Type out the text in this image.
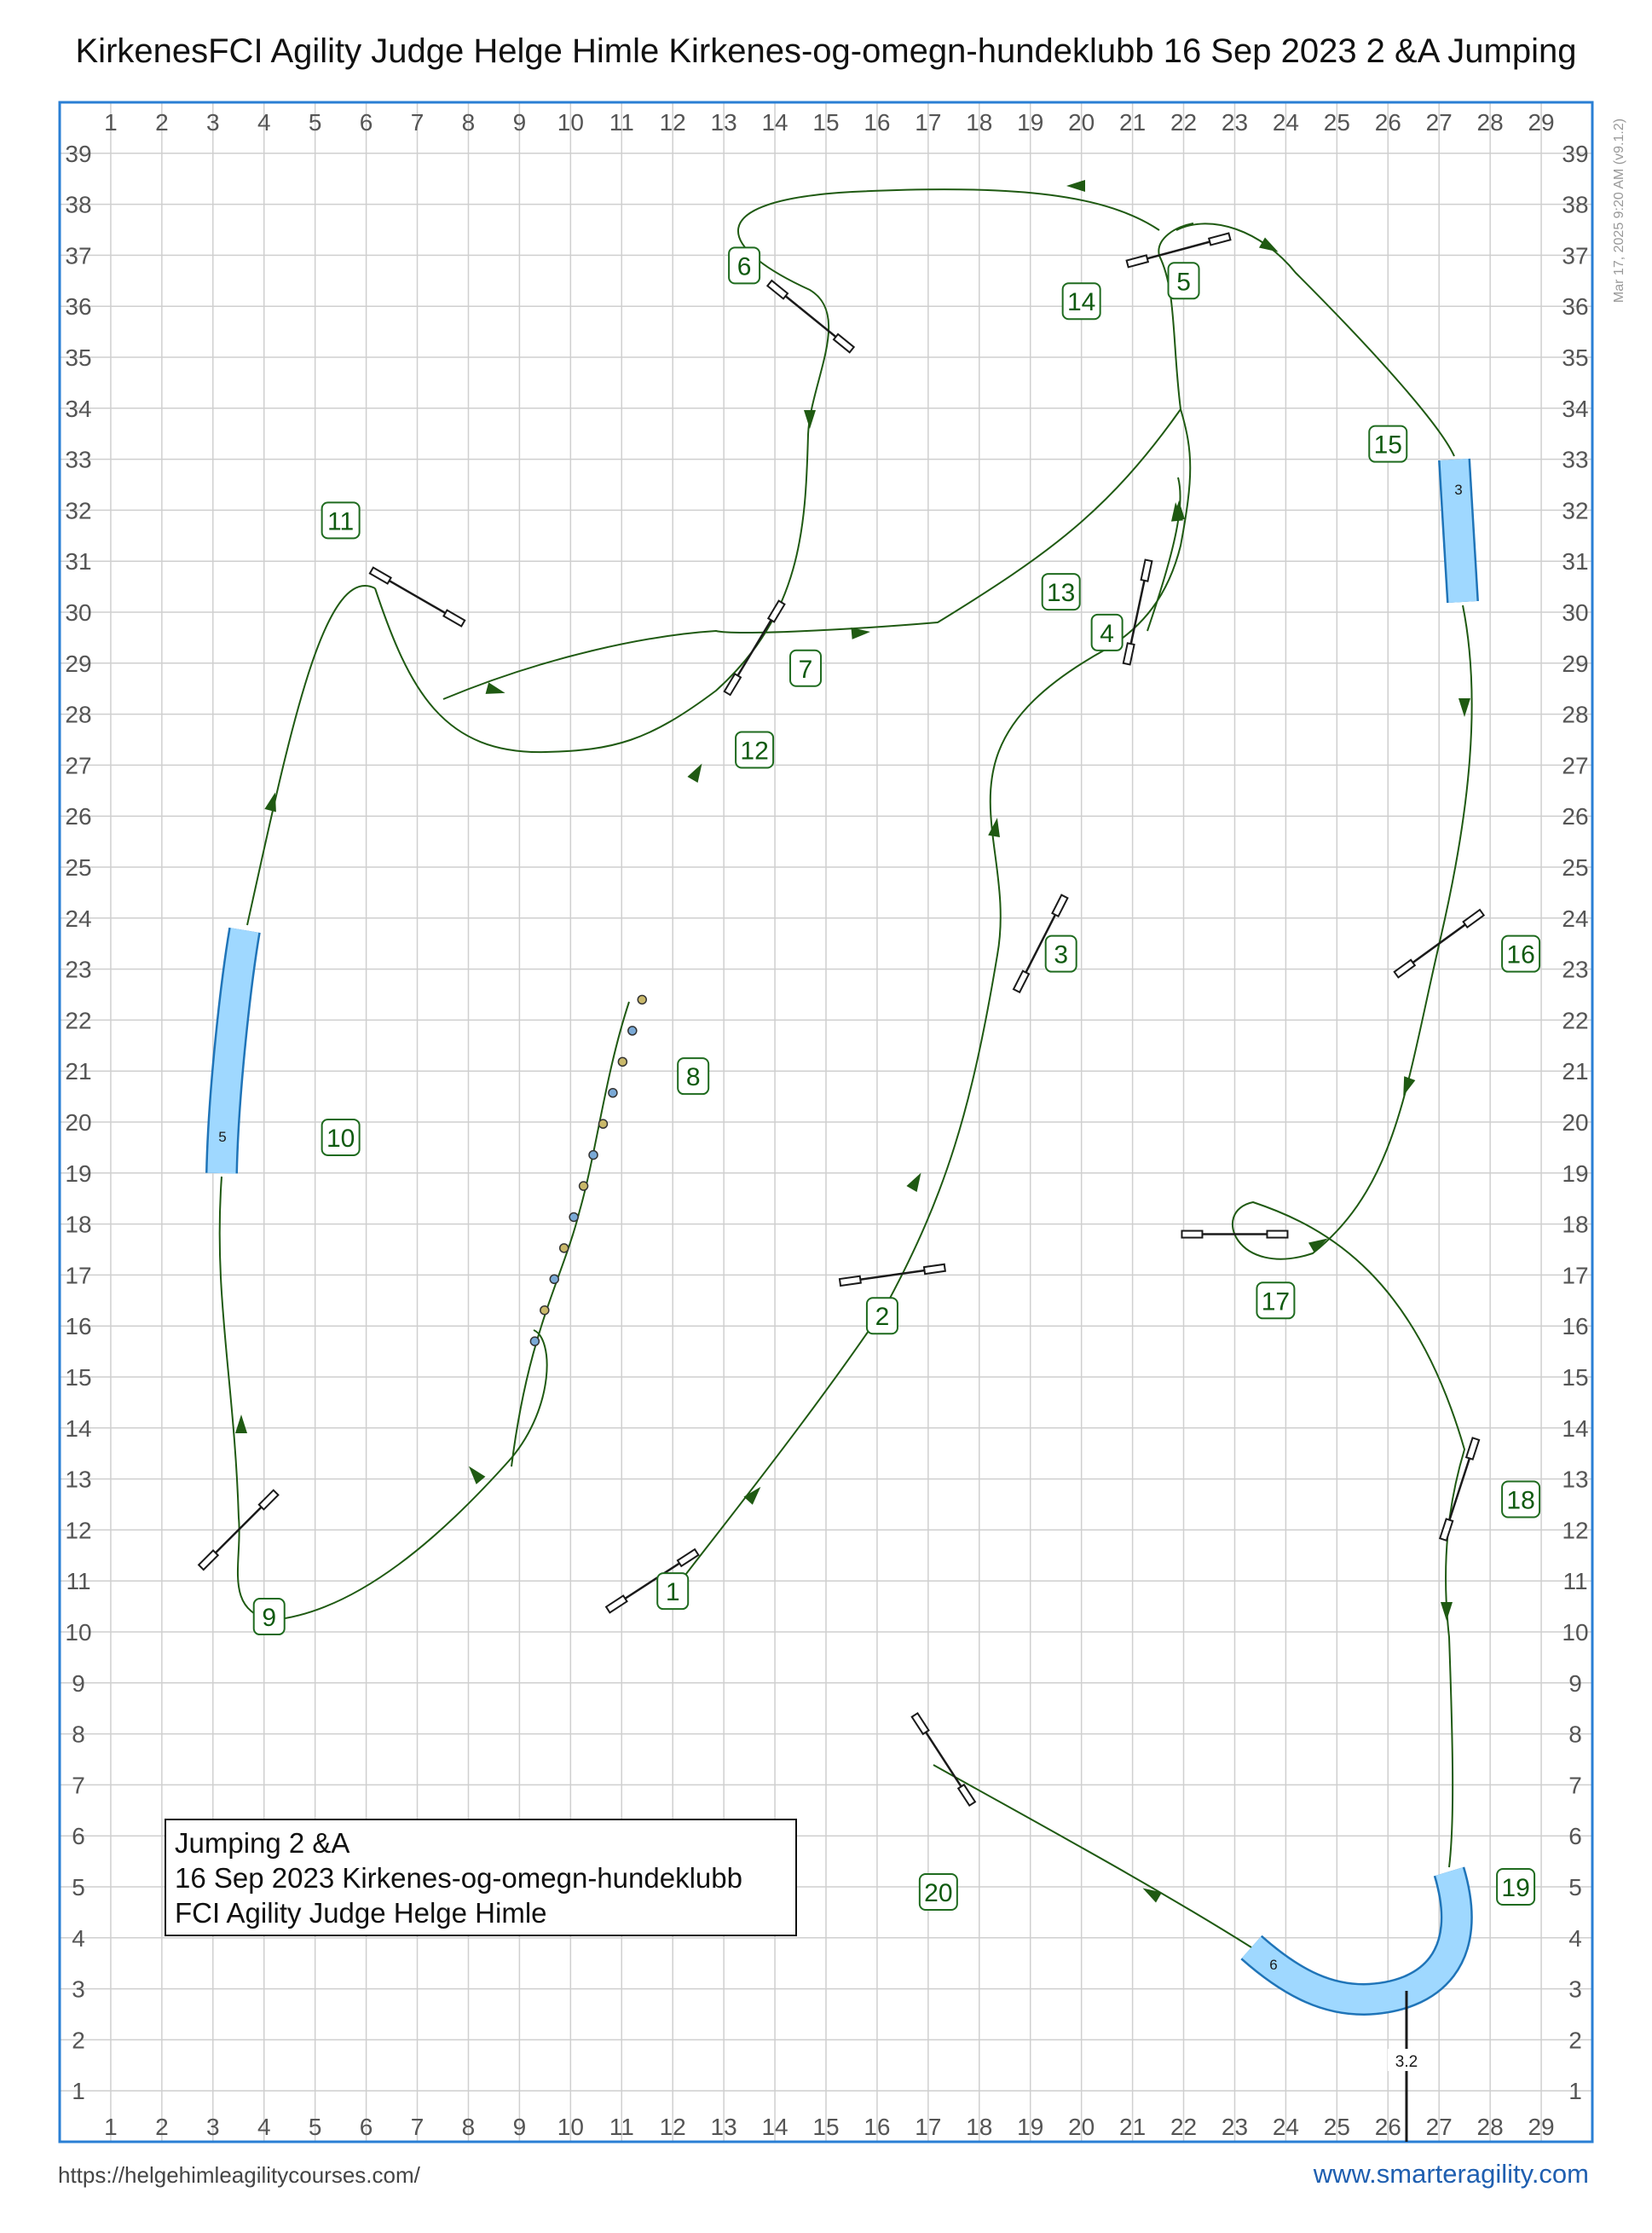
KirkenesFCI Agility Judge Helge Himle Kirkenes-og-omegn-hundeklubb 16 Sep 2023 2 &A Jumping
1
1
2
2
3
3
4
4
5
5
6
6
7
7
8
8
9
9
10
10
11
11
12
12
13
13
14
14
15
15
16
16
17
17
18
18
19
19
20
20
21
21
22
22
23
23
24
24
25
25
26
26
27
27
28
28
29
29
1	1
2	2
3	3
4	4
5	5
6	6
7	7
8	8
9	9
10	10
11	11
12	12
13	13
14	14
15	15
16	16
17	17
18	18
19	19
20	20
21	21
22	22
23	23
24	24
25	25
26	26
27	27
28	28
29	29
30	30
31	31
32	32
33	33
34	34
35	35
36	36
37	37
38	38
39	39
3
5
6
3.2
1
2
3
4
5
6
7
8
9
10
11
12
13
14
15
16
17
18
19
20
Mar 17, 2025 9:20 AM (v9.1.2)
Jumping 2 &A
16 Sep 2023 Kirkenes-og-omegn-hundeklubb
FCI Agility Judge Helge Himle
https://helgehimleagilitycourses.com/	www.smarteragility.com
